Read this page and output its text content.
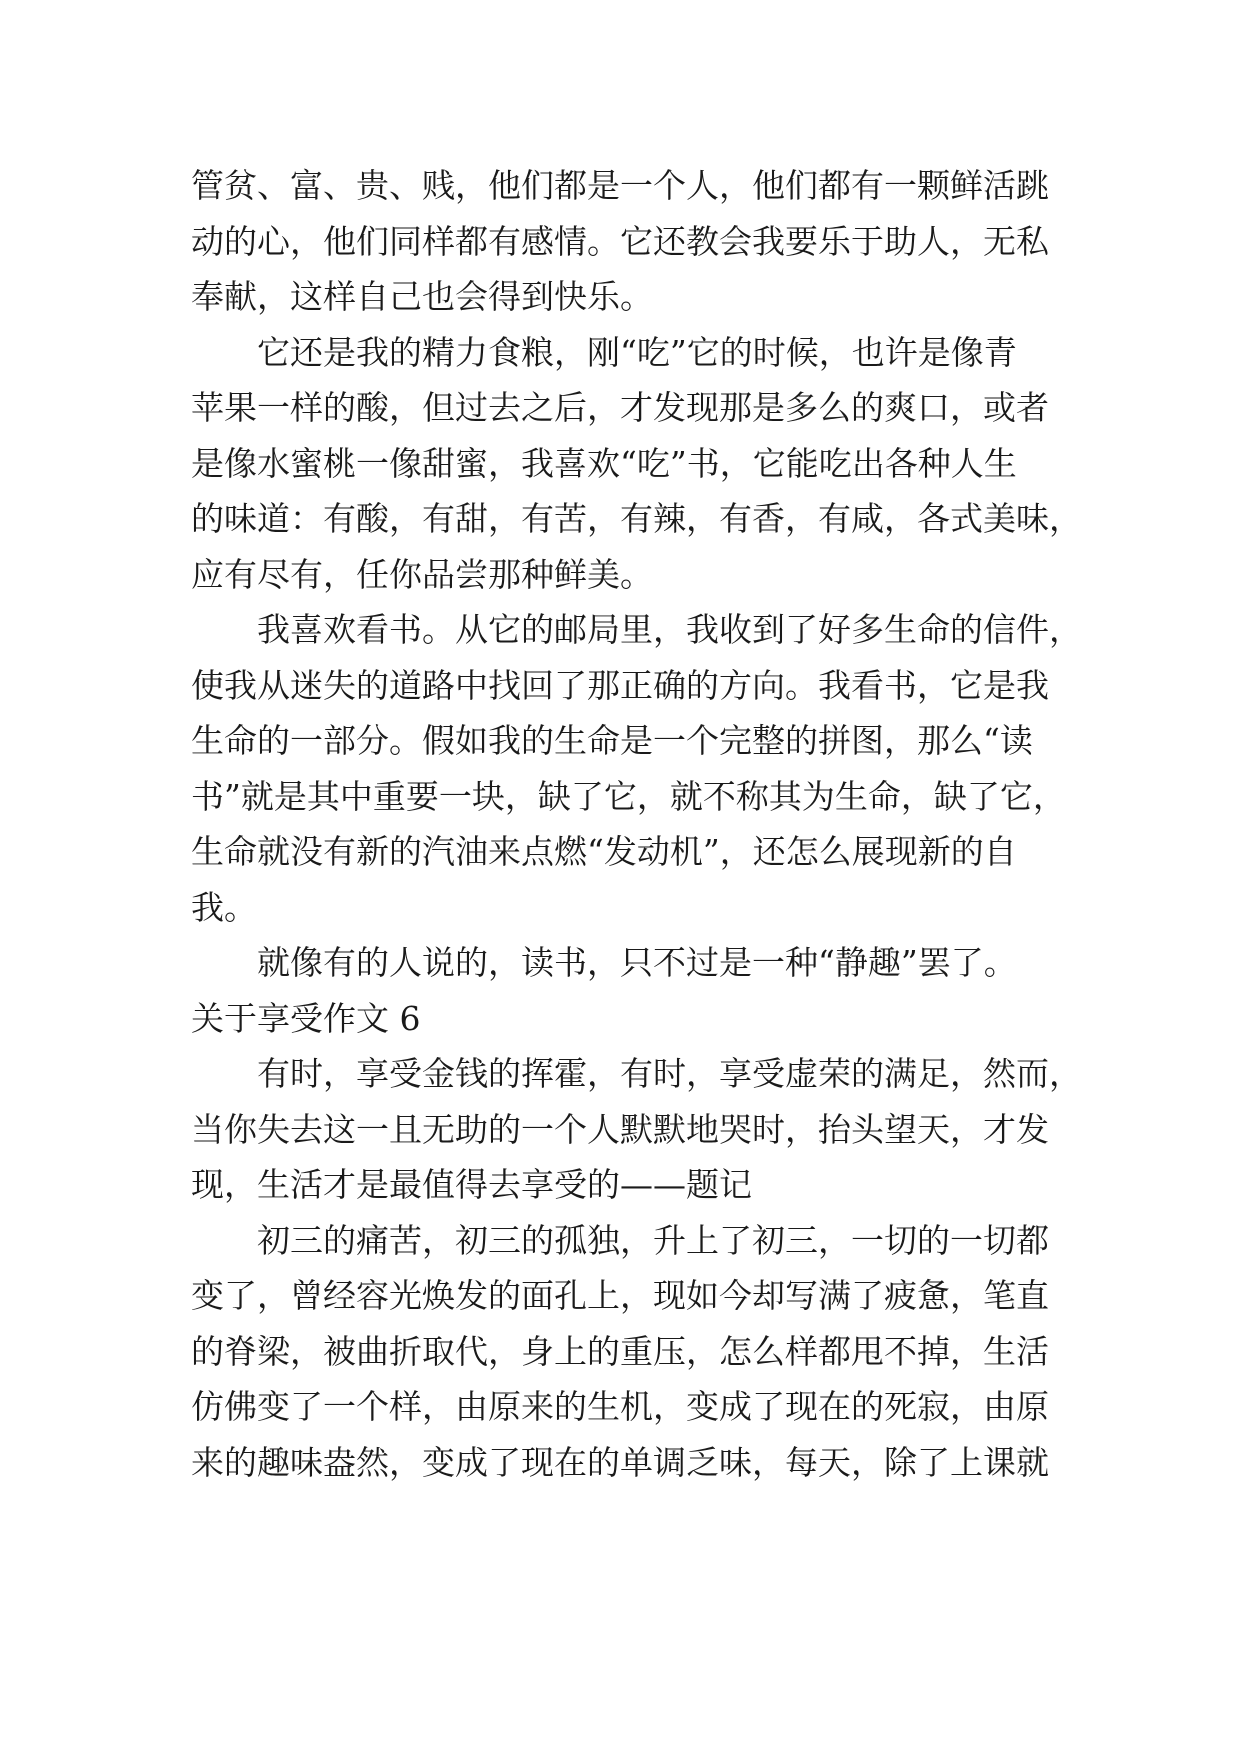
管贫、富、贵、贱，他们都是一个人，他们都有一颗鲜活跳
动的心，他们同样都有感情。它还教会我要乐于助人，无私
奉献，这样自己也会得到快乐。
它还是我的精力食粮，刚“吃”它的时候，也许是像青
苹果一样的酸，但过去之后，才发现那是多么的爽口，或者
是像水蜜桃一像甜蜜，我喜欢“吃”书，它能吃出各种人生
的味道：有酸，有甜，有苦，有辣，有香，有咸，各式美味，
应有尽有，任你品尝那种鲜美。
我喜欢看书。从它的邮局里，我收到了好多生命的信件，
使我从迷失的道路中找回了那正确的方向。我看书，它是我
生命的一部分。假如我的生命是一个完整的拼图，那么“读
书”就是其中重要一块，缺了它，就不称其为生命，缺了它，
生命就没有新的汽油来点燃“发动机”，还怎么展现新的自
我。
就像有的人说的，读书，只不过是一种“静趣”罢了。
关于享受作文 6
有时，享受金钱的挥霍，有时，享受虚荣的满足，然而，
当你失去这一且无助的一个人默默地哭时，抬头望天，才发
现，生活才是最值得去享受的——题记
初三的痛苦，初三的孤独，升上了初三，一切的一切都
变了，曾经容光焕发的面孔上，现如今却写满了疲惫，笔直
的脊梁，被曲折取代，身上的重压，怎么样都甩不掉，生活
仿佛变了一个样，由原来的生机，变成了现在的死寂，由原
来的趣味盎然，变成了现在的单调乏味，每天，除了上课就
